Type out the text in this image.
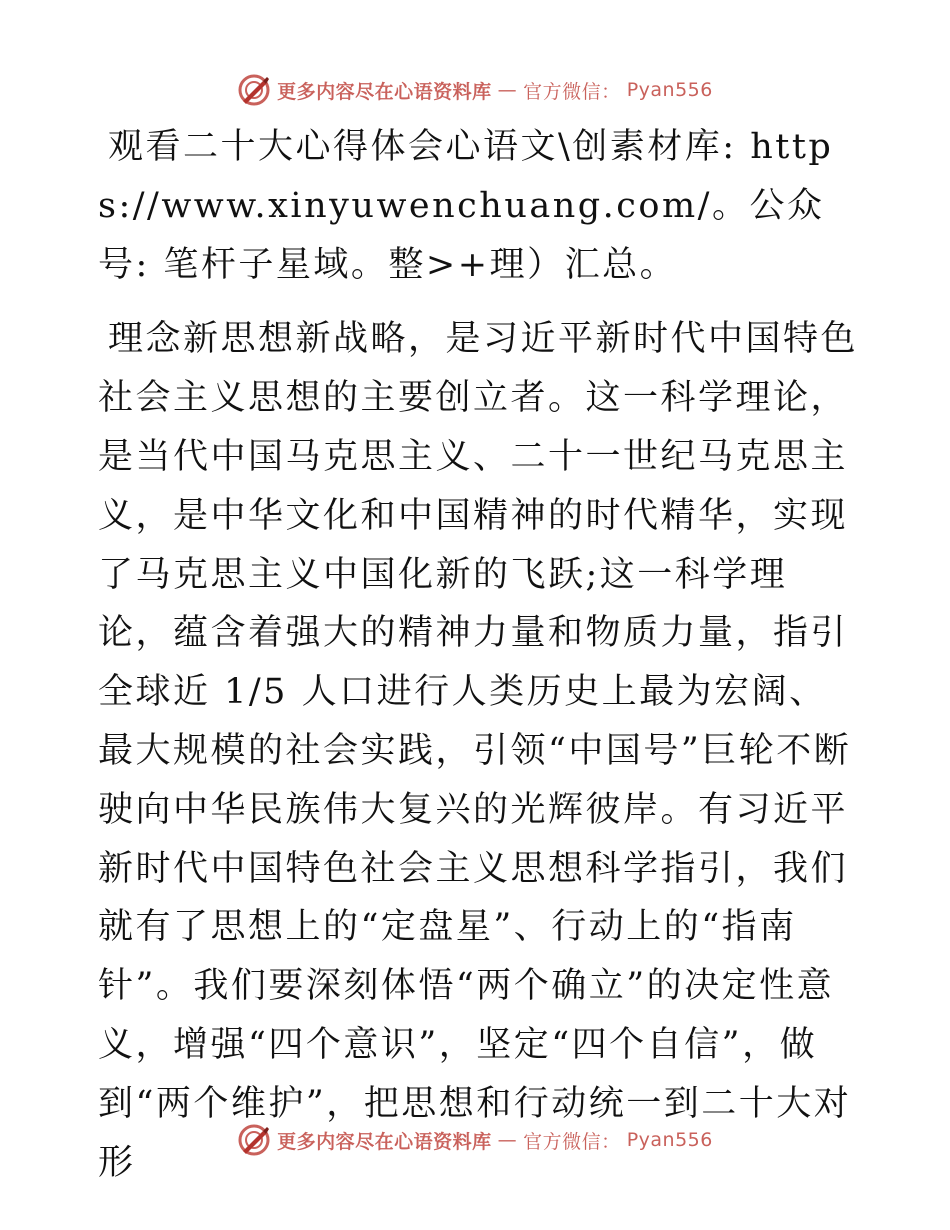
更多内容尽在心语资料库 — 官方微信： Pyan556

观看二十大心得体会心语文\创素材库: https://www.xinyuwenchuang.com/。公众号: 笔杆子星域。整>+理）汇总。

理念新思想新战略，是习近平新时代中国特色社会主义思想的主要创立者。这一科学理论，是当代中国马克思主义、二十一世纪马克思主义，是中华文化和中国精神的时代精华，实现了马克思主义中国化新的飞跃;这一科学理论，蕴含着强大的精神力量和物质力量，指引全球近 1/5 人口进行人类历史上最为宏阔、最大规模的社会实践，引领“中国号”巨轮不断驶向中华民族伟大复兴的光辉彼岸。有习近平新时代中国特色社会主义思想科学指引，我们就有了思想上的“定盘星”、行动上的“指南针”。我们要深刻体悟“两个确立”的决定性意义，增强“四个意识”，坚定“四个自信”，做到“两个维护”，把思想和行动统一到二十大对形

更多内容尽在心语资料库 — 官方微信： Pyan556
